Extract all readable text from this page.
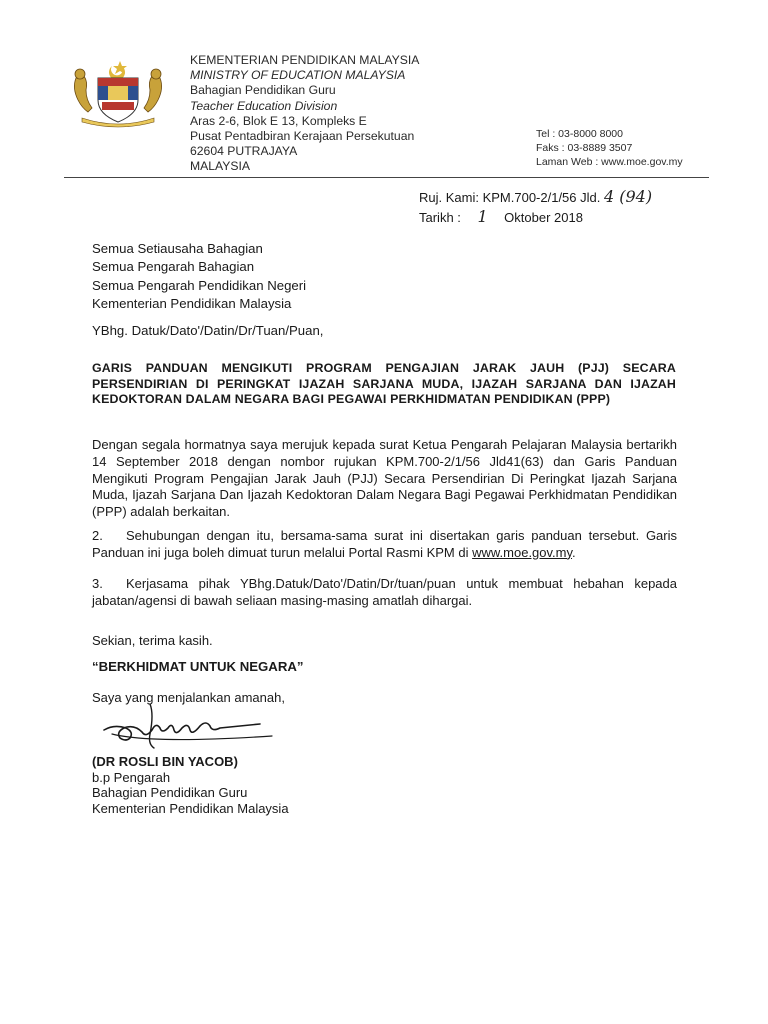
KEMENTERIAN PENDIDIKAN MALAYSIA
MINISTRY OF EDUCATION MALAYSIA
Bahagian Pendidikan Guru
Teacher Education Division
Aras 2-6, Blok E 13, Kompleks E
Pusat Pentadbiran Kerajaan Persekutuan
62604 PUTRAJAYA
MALAYSIA
Tel : 03-8000 8000
Faks : 03-8889 3507
Laman Web : www.moe.gov.my
Ruj. Kami: KPM.700-2/1/56 Jld. 4 (94)
Tarikh : 1 Oktober 2018
Semua Setiausaha Bahagian
Semua Pengarah Bahagian
Semua Pengarah Pendidikan Negeri
Kementerian Pendidikan Malaysia
YBhg. Datuk/Dato'/Datin/Dr/Tuan/Puan,
GARIS PANDUAN MENGIKUTI PROGRAM PENGAJIAN JARAK JAUH (PJJ) SECARA PERSENDIRIAN DI PERINGKAT IJAZAH SARJANA MUDA, IJAZAH SARJANA DAN IJAZAH KEDOKTORAN DALAM NEGARA BAGI PEGAWAI PERKHIDMATAN PENDIDIKAN (PPP)
Dengan segala hormatnya saya merujuk kepada surat Ketua Pengarah Pelajaran Malaysia bertarikh 14 September 2018 dengan nombor rujukan KPM.700-2/1/56 Jld41(63) dan Garis Panduan Mengikuti Program Pengajian Jarak Jauh (PJJ) Secara Persendirian Di Peringkat Ijazah Sarjana Muda, Ijazah Sarjana Dan Ijazah Kedoktoran Dalam Negara Bagi Pegawai Perkhidmatan Pendidikan (PPP) adalah berkaitan.
2. Sehubungan dengan itu, bersama-sama surat ini disertakan garis panduan tersebut. Garis Panduan ini juga boleh dimuat turun melalui Portal Rasmi KPM di www.moe.gov.my.
3. Kerjasama pihak YBhg.Datuk/Dato'/Datin/Dr/tuan/puan untuk membuat hebahan kepada jabatan/agensi di bawah seliaan masing-masing amatlah dihargai.
Sekian, terima kasih.
“BERKHIDMAT UNTUK NEGARA”
Saya yang menjalankan amanah,
(DR ROSLI BIN YACOB)
b.p Pengarah
Bahagian Pendidikan Guru
Kementerian Pendidikan Malaysia
